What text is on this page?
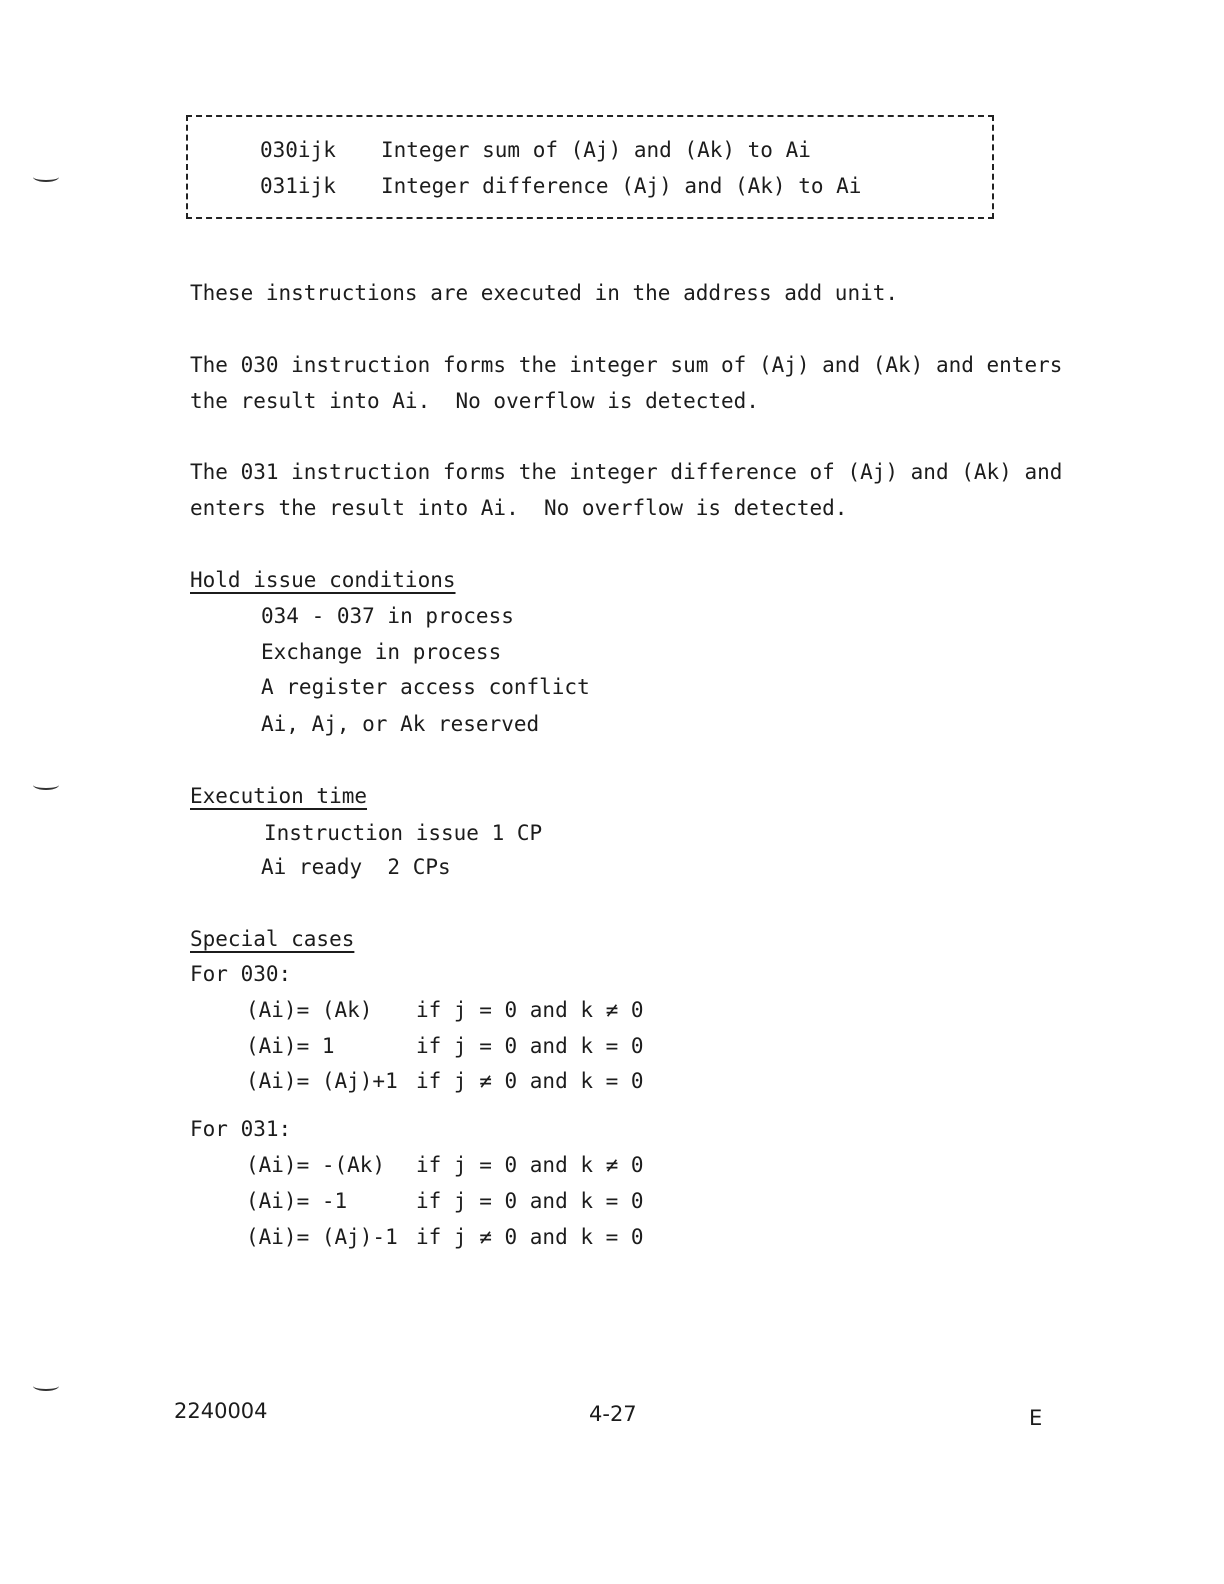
030ijk Integer sum of (Aj) and (Ak) to Ai
031ijk Integer difference (Aj) and (Ak) to Ai
These instructions are executed in the address add unit.
The 030 instruction forms the integer sum of (Aj) and (Ak) and enters
the result into Ai.  No overflow is detected.
The 031 instruction forms the integer difference of (Aj) and (Ak) and
enters the result into Ai.  No overflow is detected.
Hold issue conditions
034 - 037 in process
Exchange in process
A register access conflict
Ai, Aj, or Ak reserved
Execution time
Instruction issue 1 CP
Ai ready  2 CPs
Special cases
For 030:
(Ai)= (Ak) if j = 0 and k ≠ 0
(Ai)= 1	if j = 0 and k = 0
(Ai)= (Aj)+1 if j ≠ 0 and k = 0
For 031:
(Ai)= -(Ak) if j = 0 and k ≠ 0
(Ai)= -1	if j = 0 and k = 0
(Ai)= (Aj)-1 if j ≠ 0 and k = 0
2240004	4-27	E
